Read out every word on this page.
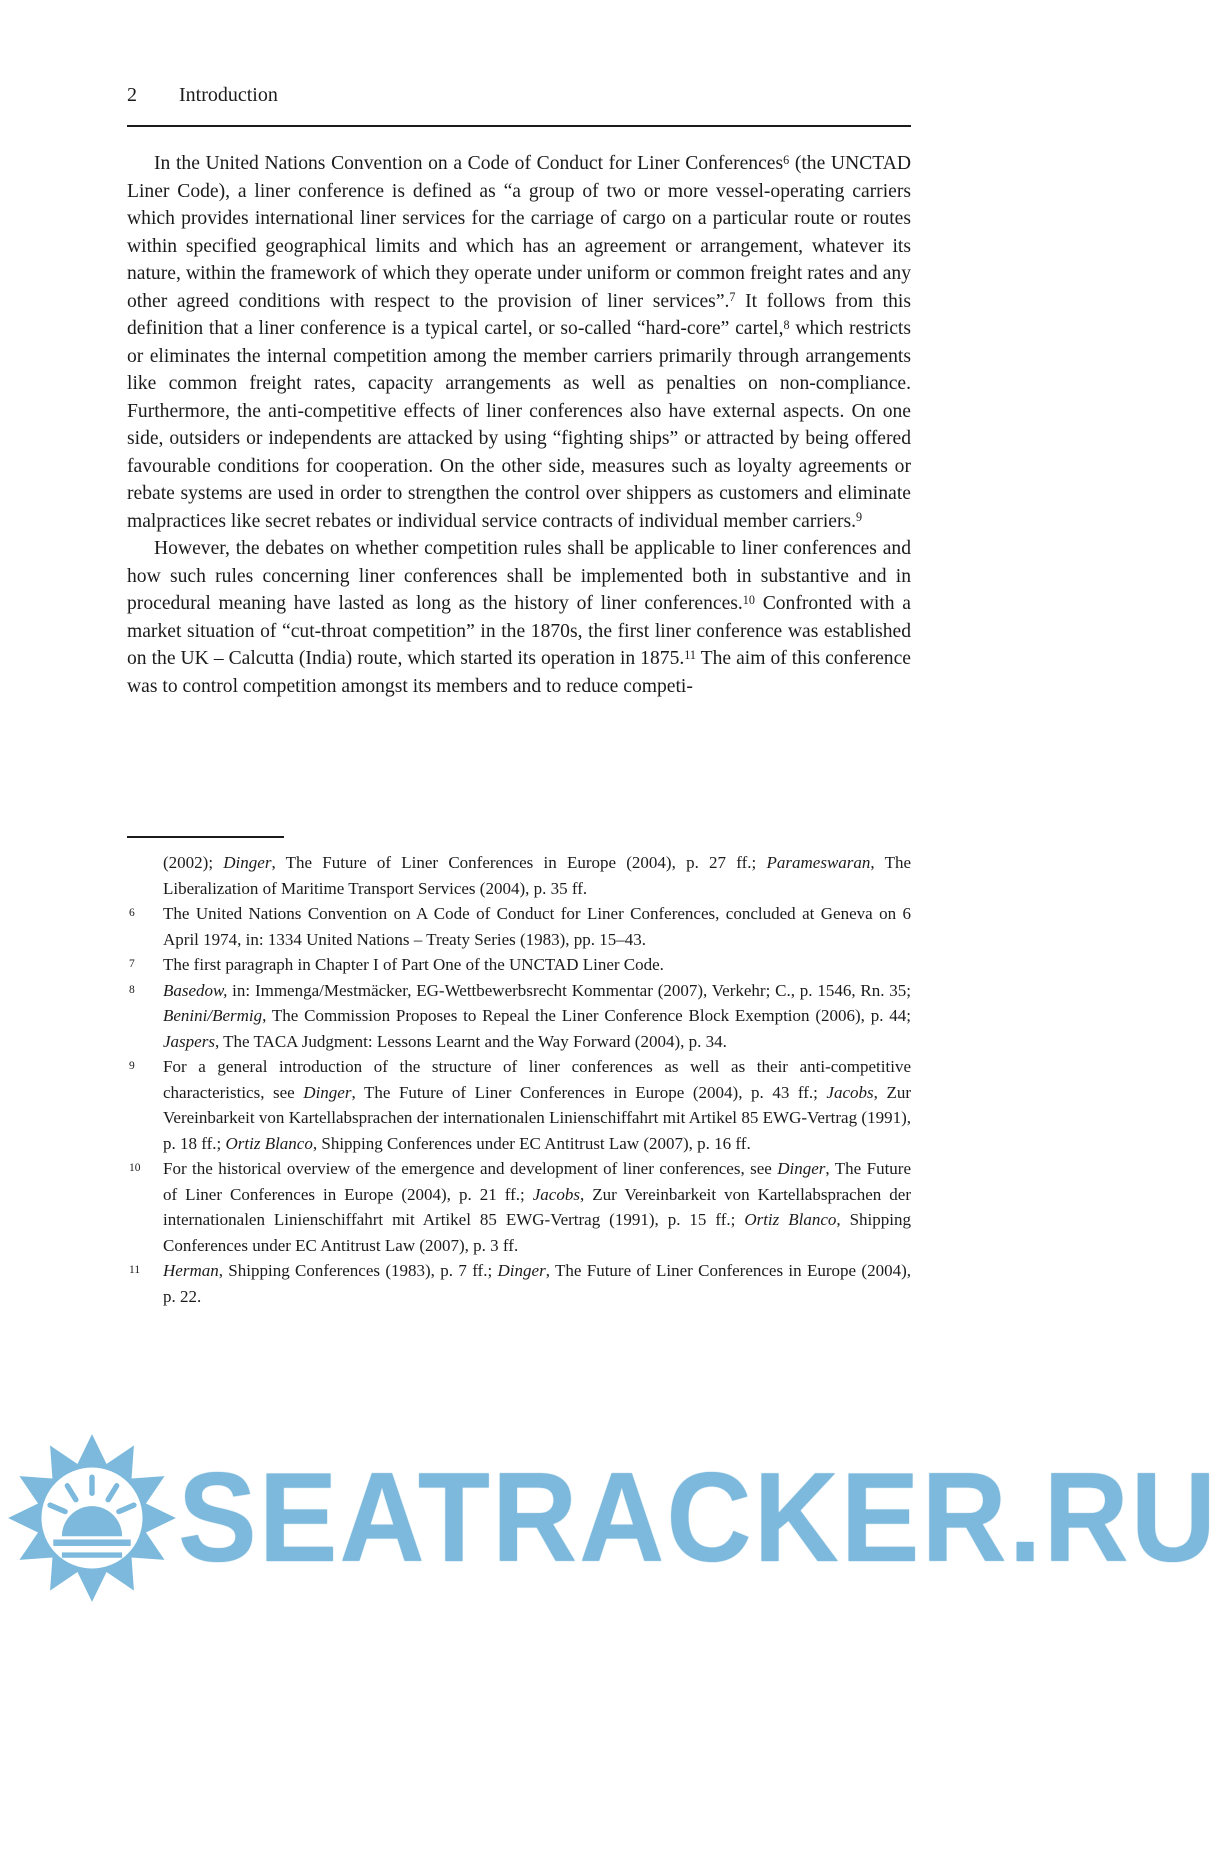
2 Introduction

In the United Nations Convention on a Code of Conduct for Liner Conferences$^6$ (the UNCTAD Liner Code), a liner conference is defined as “a group of two or more vessel-operating carriers which provides international liner services for the carriage of cargo on a particular route or routes within specified geographical limits and which has an agreement or arrangement, whatever its nature, within the framework of which they operate under uniform or common freight rates and any other agreed conditions with respect to the provision of liner services”.$^7$ It follows from this definition that a liner conference is a typical cartel, or so-called “hard-core” cartel,$^8$ which restricts or eliminates the internal competition among the member carriers primarily through arrangements like common freight rates, capacity arrangements as well as penalties on non-compliance. Furthermore, the anti-competitive effects of liner conferences also have external aspects. On one side, outsiders or independents are attacked by using “fighting ships” or attracted by being offered favourable conditions for cooperation. On the other side, measures such as loyalty agreements or rebate systems are used in order to strengthen the control over shippers as customers and eliminate malpractices like secret rebates or individual service contracts of individual member carriers.$^9$

However, the debates on whether competition rules shall be applicable to liner conferences and how such rules concerning liner conferences shall be implemented both in substantive and in procedural meaning have lasted as long as the history of liner conferences.$^{10}$ Confronted with a market situation of “cut-throat competition” in the 1870s, the first liner conference was established on the UK – Calcutta (India) route, which started its operation in 1875.11 The aim of this conference was to control competition amongst its members and to reduce competi-

(2002); Dinger, The Future of Liner Conferences in Europe (2004), p. 27 ff.; Parameswaran, The Liberalization of Maritime Transport Services (2004), p. 35 ff.
6 The United Nations Convention on A Code of Conduct for Liner Conferences, concluded at Geneva on 6 April 1974, in: 1334 United Nations – Treaty Series (1983), pp. 15–43.
7 The first paragraph in Chapter I of Part One of the UNCTAD Liner Code.
8 Basedow, in: Immenga/Mestmäcker, EG-Wettbewerbsrecht Kommentar (2007), Verkehr; C., p. 1546, Rn. 35; Benini/Bermig, The Commission Proposes to Repeal the Liner Conference Block Exemption (2006), p. 44; Jaspers, The TACA Judgment: Lessons Learnt and the Way Forward (2004), p. 34.
9 For a general introduction of the structure of liner conferences as well as their anti-competitive characteristics, see Dinger, The Future of Liner Conferences in Europe (2004), p. 43 ff.; Jacobs, Zur Vereinbarkeit von Kartellabsprachen der internationalen Linienschiffahrt mit Artikel 85 EWG-Vertrag (1991), p. 18 ff.; Ortiz Blanco, Shipping Conferences under EC Antitrust Law (2007), p. 16 ff.
10 For the historical overview of the emergence and development of liner conferences, see Dinger, The Future of Liner Conferences in Europe (2004), p. 21 ff.; Jacobs, Zur Vereinbarkeit von Kartellabsprachen der internationalen Linienschiffahrt mit Artikel 85 EWG-Vertrag (1991), p. 15 ff.; Ortiz Blanco, Shipping Conferences under EC Antitrust Law (2007), p. 3 ff.
11 Herman, Shipping Conferences (1983), p. 7 ff.; Dinger, The Future of Liner Conferences in Europe (2004), p. 22.
SEATRACKER.RU
